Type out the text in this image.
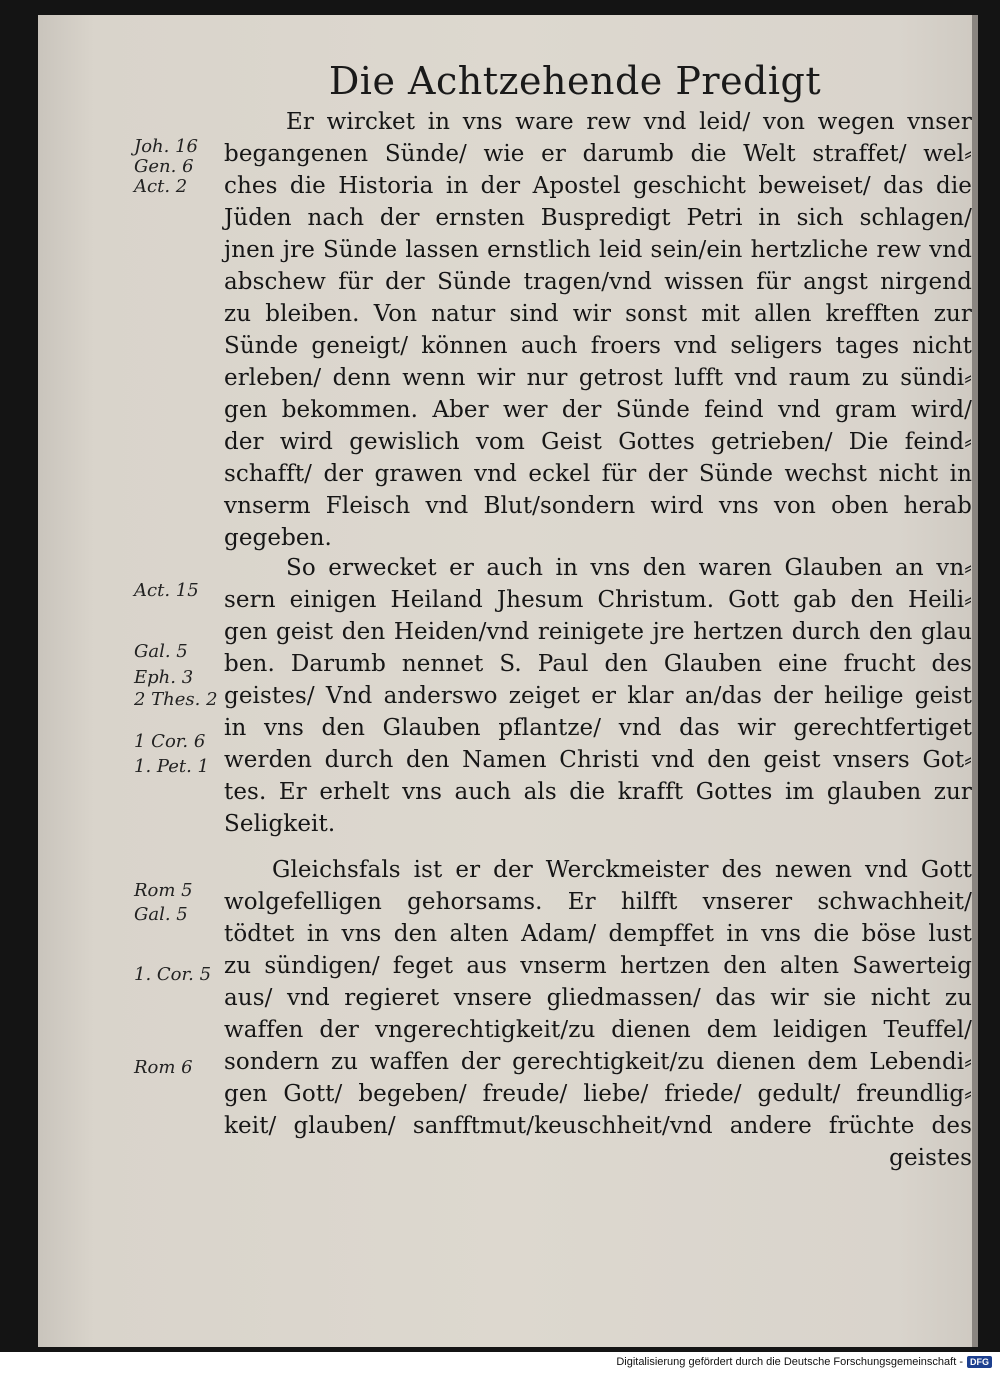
Die Achtzehende Predigt
Joh. 16
Gen. 6
Act. 2
Act. 15
Gal. 5
Eph. 3
2 Thes. 2
1 Cor. 6
1. Pet. 1
Rom 5
Gal. 5
1. Cor. 5
Rom 6
Er wircket in vns ware rew vnd leid/ von wegen vnser
begangenen Sünde/ wie er darumb die Welt straffet/ wel⸗
ches die Historia in der Apostel geschicht beweiset/ das die
Jüden nach der ernsten Buspredigt Petri in sich schlagen/
jnen jre Sünde lassen ernstlich leid sein/ein hertzliche rew vnd
abschew für der Sünde tragen/vnd wissen für angst nirgend
zu bleiben. Von natur sind wir sonst mit allen krefften zur
Sünde geneigt/ können auch froers vnd seligers tages nicht
erleben/ denn wenn wir nur getrost lufft vnd raum zu sündi⸗
gen bekommen. Aber wer der Sünde feind vnd gram wird/
der wird gewislich vom Geist Gottes getrieben/ Die feind⸗
schafft/ der grawen vnd eckel für der Sünde wechst nicht in
vnserm Fleisch vnd Blut/sondern wird vns von oben herab
gegeben.
So erwecket er auch in vns den waren Glauben an vn⸗
sern einigen Heiland Jhesum Christum. Gott gab den Heili⸗
gen geist den Heiden/vnd reinigete jre hertzen durch den glau
ben. Darumb nennet S. Paul den Glauben eine frucht des
geistes/ Vnd anderswo zeiget er klar an/das der heilige geist
in vns den Glauben pflantze/ vnd das wir gerechtfertiget
werden durch den Namen Christi vnd den geist vnsers Got⸗
tes. Er erhelt vns auch als die krafft Gottes im glauben zur
Seligkeit.
Gleichsfals ist er der Werckmeister des newen vnd Gott
wolgefelligen gehorsams. Er hilfft vnserer schwachheit/
tödtet in vns den alten Adam/ dempffet in vns die böse lust
zu sündigen/ feget aus vnserm hertzen den alten Sawerteig
aus/ vnd regieret vnsere gliedmassen/ das wir sie nicht zu
waffen der vngerechtigkeit/zu dienen dem leidigen Teuffel/
sondern zu waffen der gerechtigkeit/zu dienen dem Lebendi⸗
gen Gott/ begeben/ freude/ liebe/ friede/ gedult/ freundlig⸗
keit/ glauben/ sanfftmut/keuschheit/vnd andere früchte des
geistes
Digitalisierung gefördert durch die Deutsche Forschungsgemeinschaft - DFG
